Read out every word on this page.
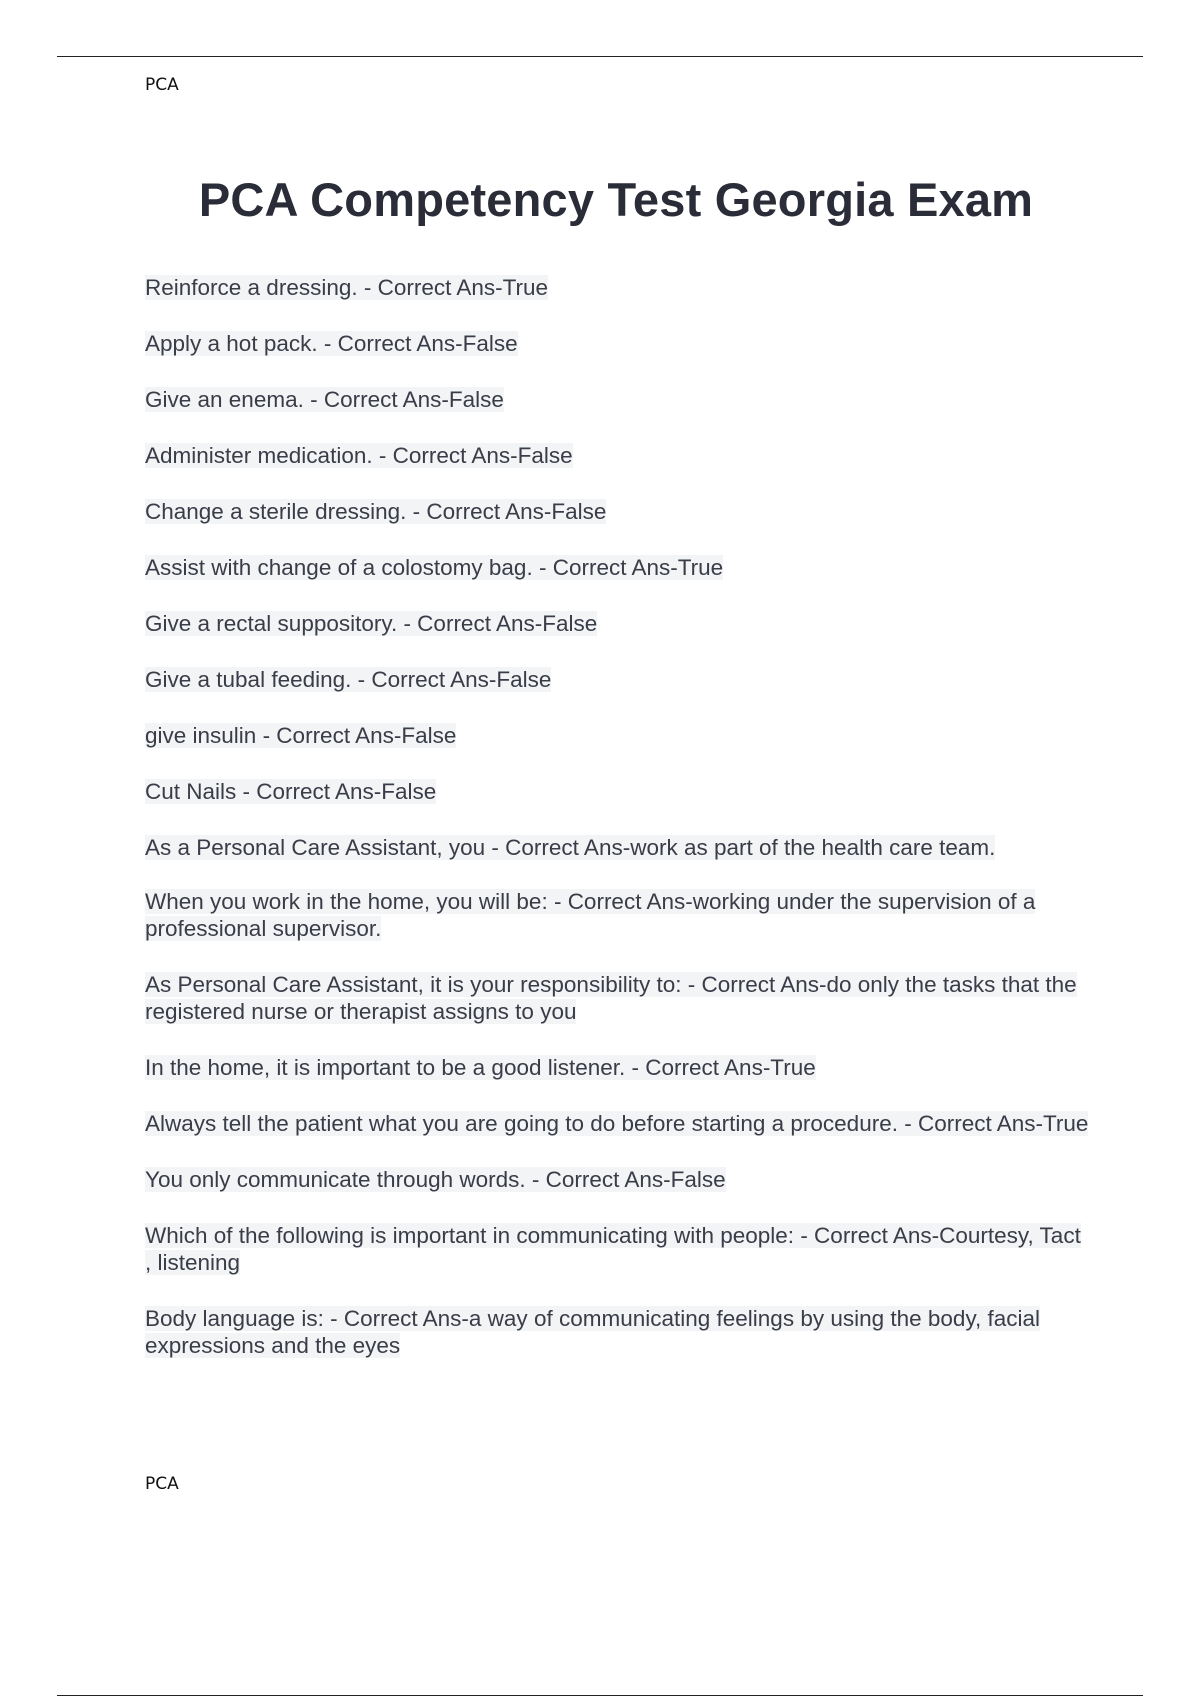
PCA
PCA Competency Test Georgia Exam
Reinforce a dressing. - Correct Ans-True
Apply a hot pack. - Correct Ans-False
Give an enema. - Correct Ans-False
Administer medication. - Correct Ans-False
Change a sterile dressing. - Correct Ans-False
Assist with change of a colostomy bag. - Correct Ans-True
Give a rectal suppository. - Correct Ans-False
Give a tubal feeding. - Correct Ans-False
give insulin - Correct Ans-False
Cut Nails - Correct Ans-False
As a Personal Care Assistant, you - Correct Ans-work as part of the health care team.
When you work in the home, you will be: - Correct Ans-working under the supervision of a professional supervisor.
As Personal Care Assistant, it is your responsibility to: - Correct Ans-do only the tasks that the registered nurse or therapist assigns to you
In the home, it is important to be a good listener. - Correct Ans-True
Always tell the patient what you are going to do before starting a procedure. - Correct Ans-True
You only communicate through words. - Correct Ans-False
Which of the following is important in communicating with people: - Correct Ans-Courtesy, Tact , listening
Body language is: - Correct Ans-a way of communicating feelings by using the body, facial expressions and the eyes
PCA
